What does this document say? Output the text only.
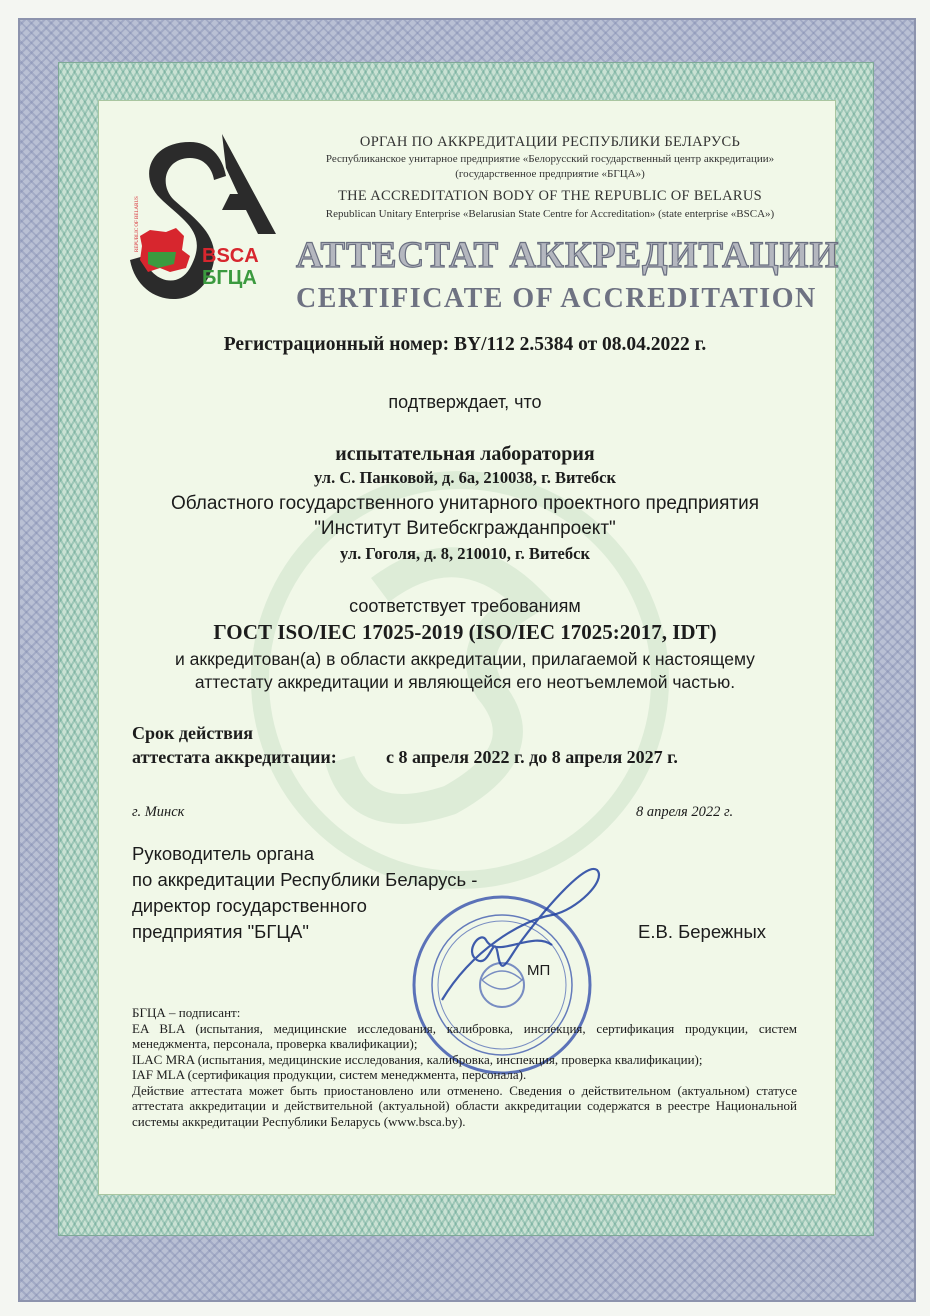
REPUBLIC OF BELARUS
BSCA
БГЦА
ОРГАН ПО АККРЕДИТАЦИИ РЕСПУБЛИКИ БЕЛАРУСЬ
Республиканское унитарное предприятие «Белорусский государственный центр аккредитации»
(государственное предприятие «БГЦА»)
THE ACCREDITATION BODY OF THE REPUBLIC OF BELARUS
Republican Unitary Enterprise «Belarusian State Centre for Accreditation» (state enterprise «BSCA»)
АТТЕСТАТ АККРЕДИТАЦИИ
CERTIFICATE OF ACCREDITATION
Регистрационный номер: BY/112 2.5384 от 08.04.2022 г.
подтверждает, что
испытательная лаборатория
ул. С. Панковой, д. 6а, 210038, г. Витебск
Областного государственного унитарного проектного предприятия
"Институт Витебскгражданпроект"
ул. Гоголя, д. 8, 210010, г. Витебск
соответствует требованиям
ГОСТ ISO/IEC 17025-2019 (ISO/IEC 17025:2017, IDT)
и аккредитован(а) в области аккредитации, прилагаемой к настоящему
аттестату аккредитации и являющейся его неотъемлемой частью.
Срок действия
аттестата аккредитации:	с 8 апреля 2022 г. до 8 апреля 2027 г.
г. Минск	8 апреля 2022 г.
Руководитель органа
по аккредитации Республики Беларусь -
директор государственного
предприятия "БГЦА"	Е.В. Бережных
МП

БГЦА – подписант:

EA BLA (испытания, медицинские исследования, калибровка, инспекция, сертификация продукции, систем менеджмента, персонала, проверка квалификации);

ILAC MRA (испытания, медицинские исследования, калибровка, инспекция, проверка квалификации);

IAF MLA (сертификация продукции, систем менеджмента, персонала).

Действие аттестата может быть приостановлено или отменено. Сведения о действительном (актуальном) статусе аттестата аккредитации и действительной (актуальной) области аккредитации содержатся в реестре Национальной системы аккредитации Республики Беларусь (www.bsca.by).
